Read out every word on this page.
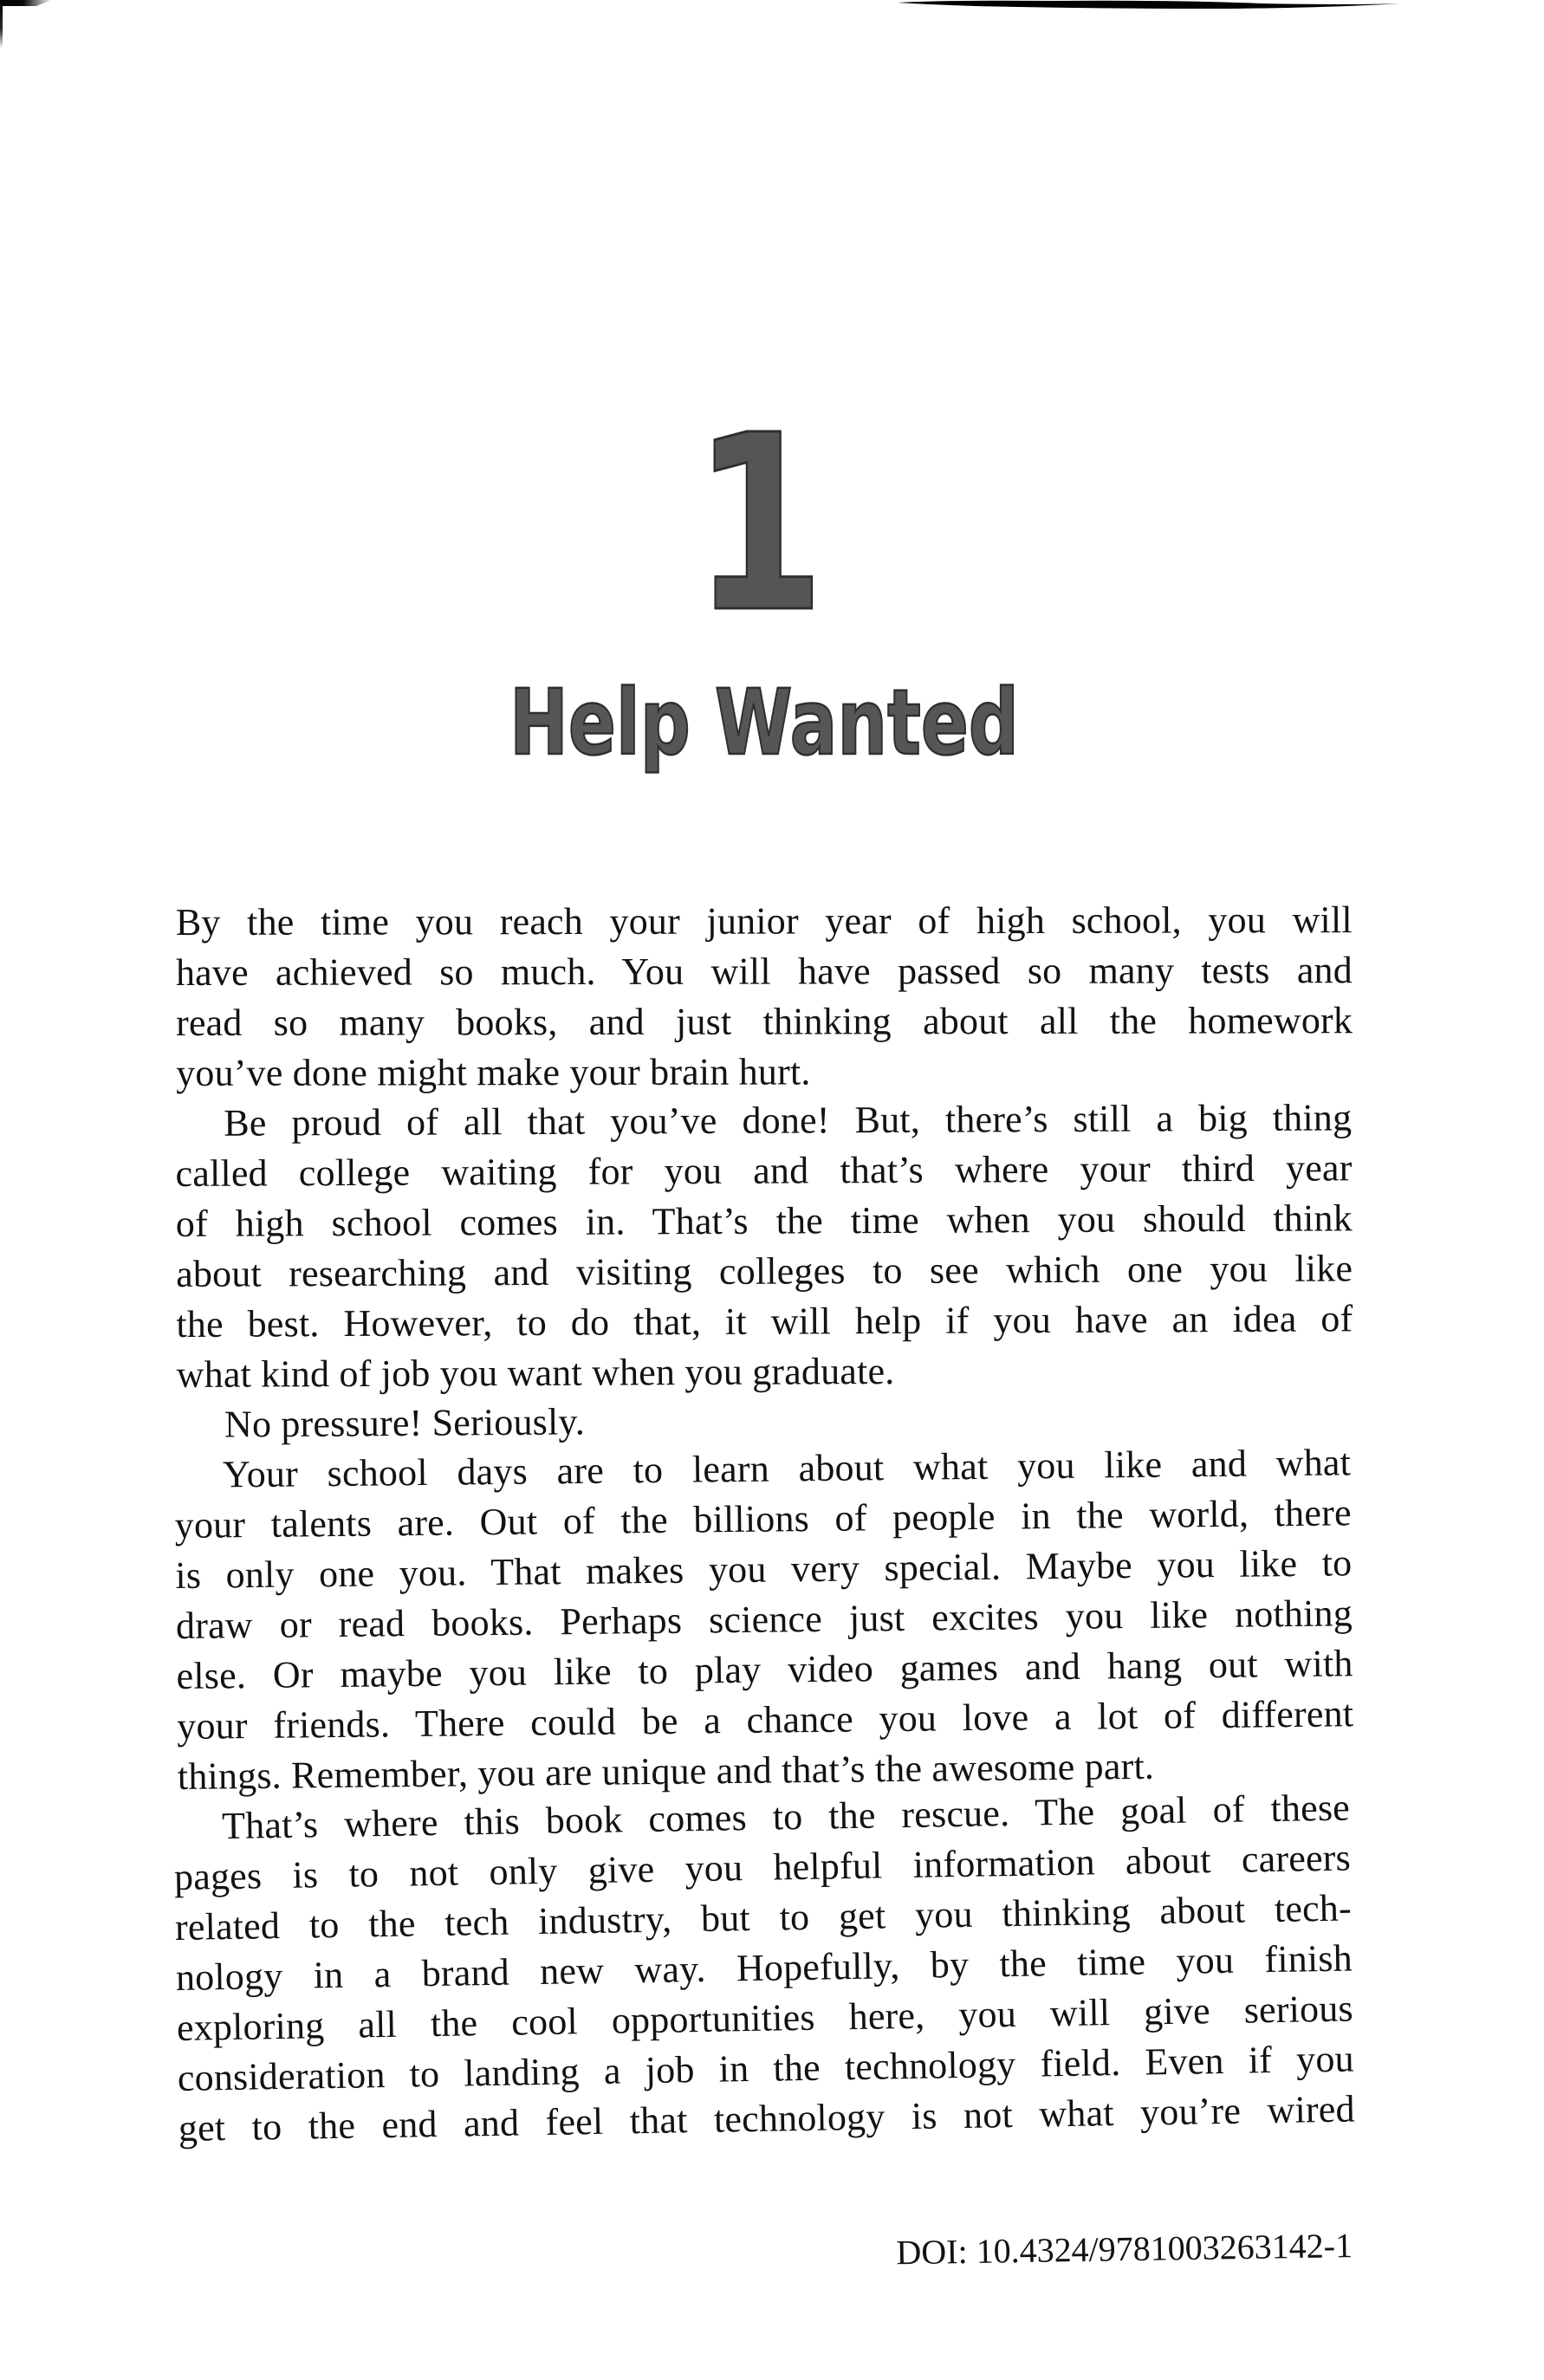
1
Help Wanted
By the time you reach your junior year of high school, you will
have achieved so much. You will have passed so many tests and
read so many books, and just thinking about all the homework
you’ve done might make your brain hurt.
Be proud of all that you’ve done! But, there’s still a big thing
called college waiting for you and that’s where your third year
of high school comes in. That’s the time when you should think
about researching and visiting colleges to see which one you like
the best. However, to do that, it will help if you have an idea of
what kind of job you want when you graduate.
No pressure! Seriously.
Your school days are to learn about what you like and what
your talents are. Out of the billions of people in the world, there
is only one you. That makes you very special. Maybe you like to
draw or read books. Perhaps science just excites you like nothing
else. Or maybe you like to play video games and hang out with
your friends. There could be a chance you love a lot of different
things. Remember, you are unique and that’s the awesome part.
That’s where this book comes to the rescue. The goal of these
pages is to not only give you helpful information about careers
related to the tech industry, but to get you thinking about tech-
nology in a brand new way. Hopefully, by the time you finish
exploring all the cool opportunities here, you will give serious
consideration to landing a job in the technology field. Even if you
get to the end and feel that technology is not what you’re wired
DOI: 10.4324/9781003263142-1
